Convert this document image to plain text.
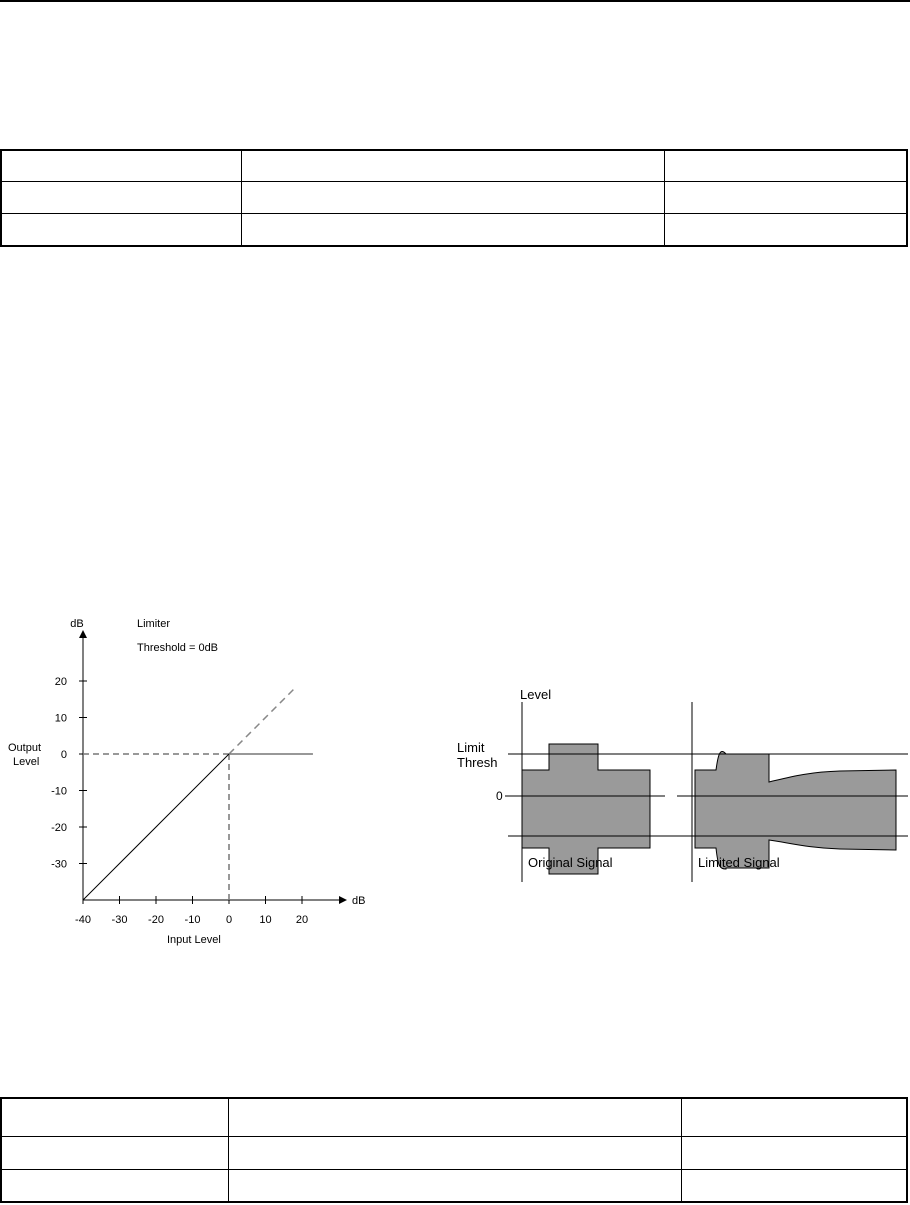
20
10
0
-10
-20
-30
-40 -30 -20 -10 0 10 20
dB
dB
Limiter
Threshold = 0dB
Output
Level
Input Level
Level
Limit
Thresh
0
Original Signal	Limited Signal
